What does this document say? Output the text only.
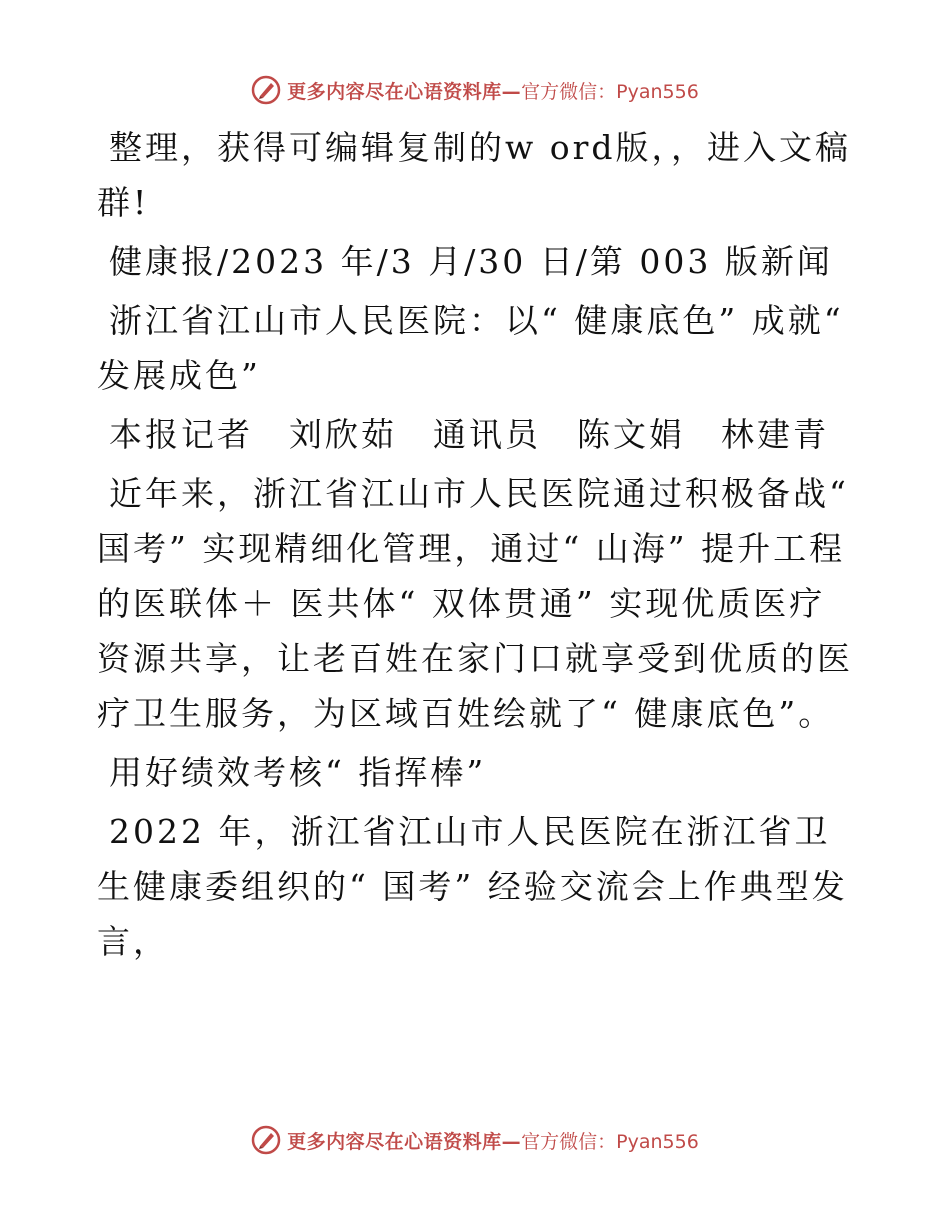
更多内容尽在心语资料库— 官方微信：Pyan556

整理，获得可编辑复制的w ord版，，进入文稿群!

健康报/2023 年/3 月/30 日/第 003 版新闻

浙江省江山市人民医院：以“ 健康底色” 成就“ 发展成色”

本报记者　刘欣茹　通讯员　陈文娟　林建青

近年来，浙江省江山市人民医院通过积极备战“ 国考” 实现精细化管理，通过“ 山海” 提升工程的医联体＋ 医共体“ 双体贯通” 实现优质医疗资源共享，让老百姓在家门口就享受到优质的医疗卫生服务，为区域百姓绘就了“ 健康底色”。

用好绩效考核“ 指挥棒”

2022 年，浙江省江山市人民医院在浙江省卫生健康委组织的“ 国考” 经验交流会上作典型发言，

更多内容尽在心语资料库— 官方微信：Pyan556
